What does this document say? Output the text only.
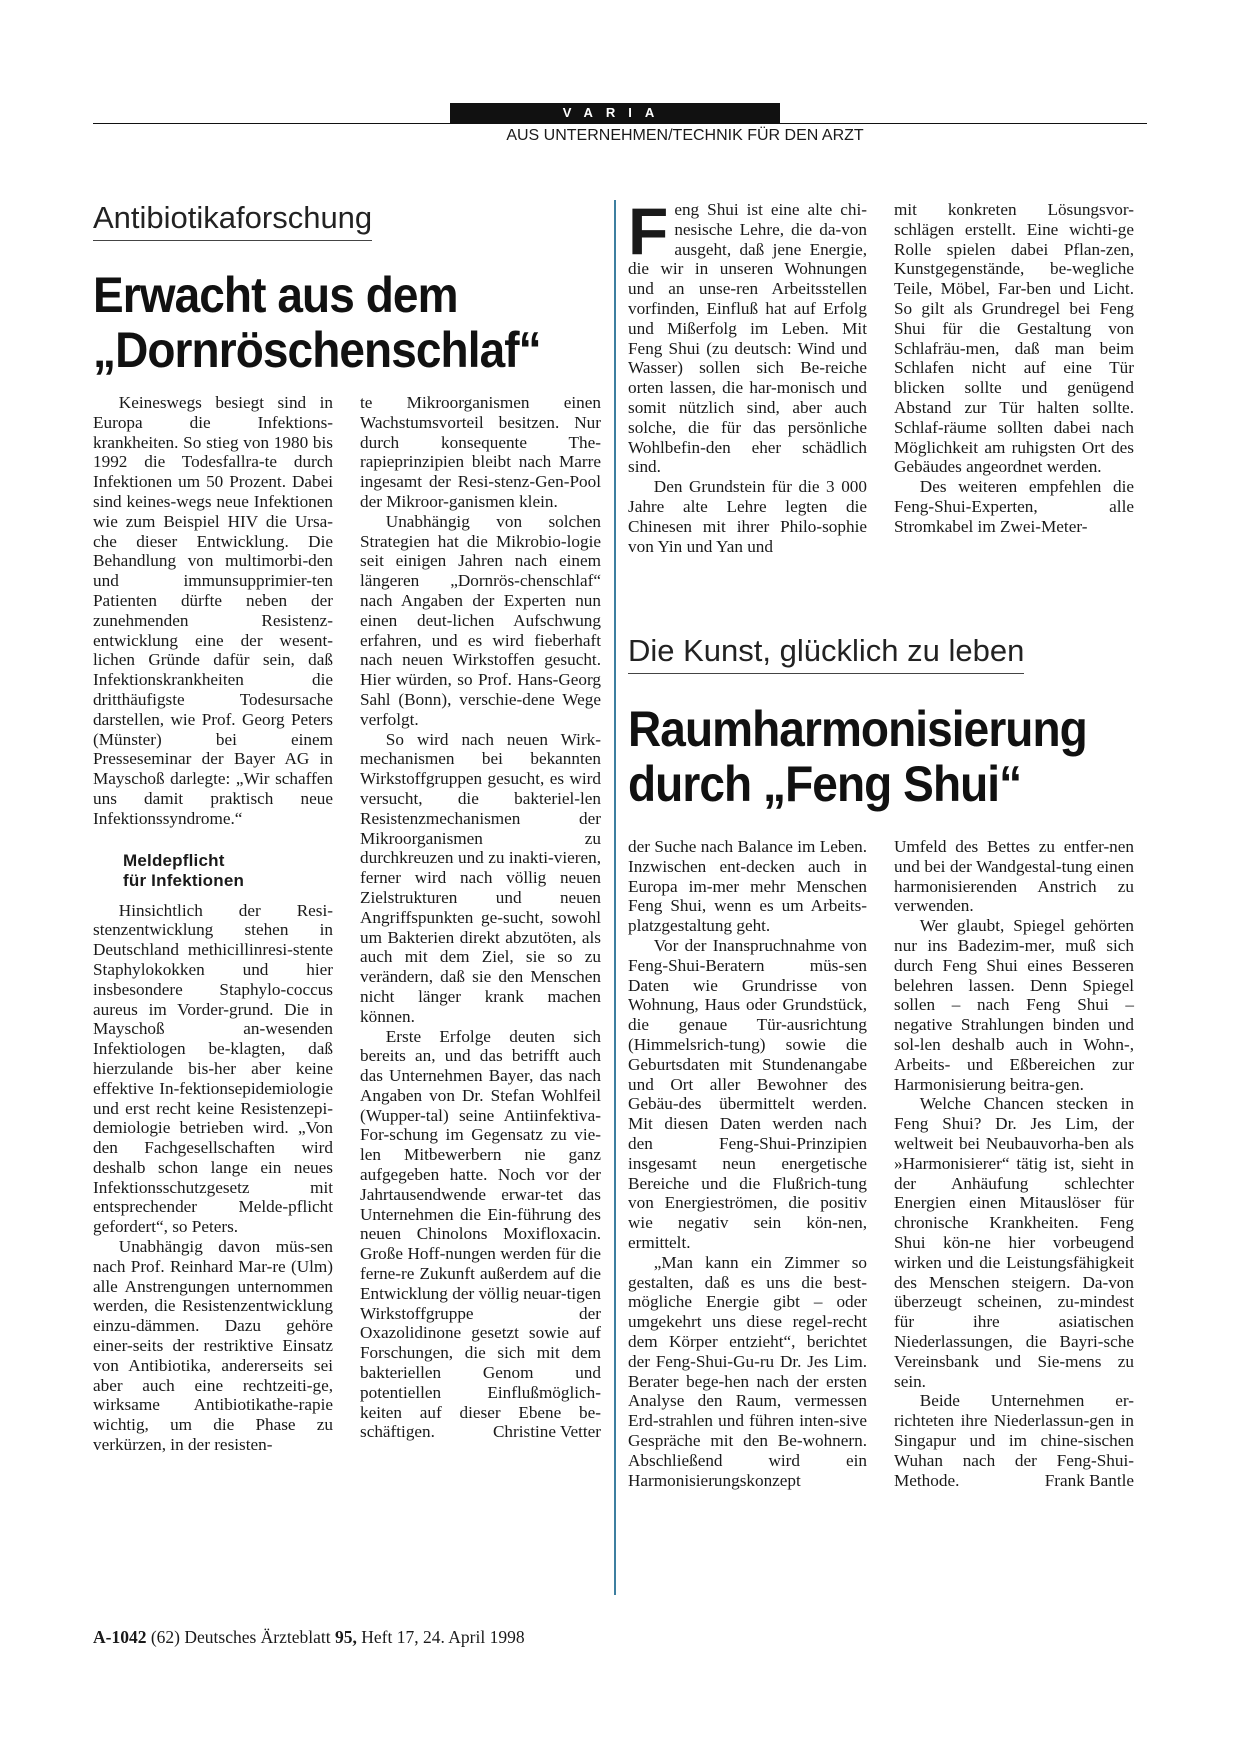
VARIA
AUS UNTERNEHMEN/TECHNIK FÜR DEN ARZT
Antibiotikaforschung
Erwacht aus dem
„Dornröschenschlaf“

Keineswegs besiegt sind in Europa die Infektions-krankheiten. So stieg von 1980 bis 1992 die Todesfallra-te durch Infektionen um 50 Prozent. Dabei sind keines-wegs neue Infektionen wie zum Beispiel HIV die Ursa-che dieser Entwicklung. Die Behandlung von multimorbi-den und immunsupprimier-ten Patienten dürfte neben der zunehmenden Resistenz-entwicklung eine der wesent-lichen Gründe dafür sein, daß Infektionskrankheiten die dritthäufigste Todesursache darstellen, wie Prof. Georg Peters (Münster) bei einem Presseseminar der Bayer AG in Mayschoß darlegte: „Wir schaffen uns damit praktisch neue Infektionssyndrome.“

Meldepflicht
für Infektionen

Hinsichtlich der Resi-stenzentwicklung stehen in Deutschland methicillinresi-stente Staphylokokken und hier insbesondere Staphylo-coccus aureus im Vorder-grund. Die in Mayschoß an-wesenden Infektiologen be-klagten, daß hierzulande bis-her aber keine effektive In-fektionsepidemiologie und erst recht keine Resistenzepi-demiologie betrieben wird. „Von den Fachgesellschaften wird deshalb schon lange ein neues Infektionsschutzgesetz mit entsprechender Melde-pflicht gefordert“, so Peters.

Unabhängig davon müs-sen nach Prof. Reinhard Mar-re (Ulm) alle Anstrengungen unternommen werden, die Resistenzentwicklung einzu-dämmen. Dazu gehöre einer-seits der restriktive Einsatz von Antibiotika, andererseits sei aber auch eine rechtzeiti-ge, wirksame Antibiotikathe-rapie wichtig, um die Phase zu verkürzen, in der resisten-

te Mikroorganismen einen Wachstumsvorteil besitzen. Nur durch konsequente The-rapieprinzipien bleibt nach Marre ingesamt der Resi-stenz-Gen-Pool der Mikroor-ganismen klein.

Unabhängig von solchen Strategien hat die Mikrobio-logie seit einigen Jahren nach einem längeren „Dornrös-chenschlaf“ nach Angaben der Experten nun einen deut-lichen Aufschwung erfahren, und es wird fieberhaft nach neuen Wirkstoffen gesucht. Hier würden, so Prof. Hans-Georg Sahl (Bonn), verschie-dene Wege verfolgt.

So wird nach neuen Wirk-mechanismen bei bekannten Wirkstoffgruppen gesucht, es wird versucht, die bakteriel-len Resistenzmechanismen der Mikroorganismen zu durchkreuzen und zu inakti-vieren, ferner wird nach völlig neuen Zielstrukturen und neuen Angriffspunkten ge-sucht, sowohl um Bakterien direkt abzutöten, als auch mit dem Ziel, sie so zu verändern, daß sie den Menschen nicht länger krank machen können.

Erste Erfolge deuten sich bereits an, und das betrifft auch das Unternehmen Bayer, das nach Angaben von Dr. Stefan Wohlfeil (Wupper-tal) seine Antiinfektiva-For-schung im Gegensatz zu vie-len Mitbewerbern nie ganz aufgegeben hatte. Noch vor der Jahrtausendwende erwar-tet das Unternehmen die Ein-führung des neuen Chinolons Moxifloxacin. Große Hoff-nungen werden für die ferne-re Zukunft außerdem auf die Entwicklung der völlig neuar-tigen Wirkstoffgruppe der Oxazolidinone gesetzt sowie auf Forschungen, die sich mit dem bakteriellen Genom und potentiellen Einflußmöglich-keiten auf dieser Ebene be-schäftigen.	Christine Vetter

Feng Shui ist eine alte chi-nesische Lehre, die da-von ausgeht, daß jene Energie, die wir in unseren Wohnungen und an unse-ren Arbeitsstellen vorfinden, Einfluß hat auf Erfolg und Mißerfolg im Leben. Mit Feng Shui (zu deutsch: Wind und Wasser) sollen sich Be-reiche orten lassen, die har-monisch und somit nützlich sind, aber auch solche, die für das persönliche Wohlbefin-den eher schädlich sind.

Den Grundstein für die 3 000 Jahre alte Lehre legten die Chinesen mit ihrer Philo-sophie von Yin und Yan und

mit konkreten Lösungsvor-schlägen erstellt. Eine wichti-ge Rolle spielen dabei Pflan-zen, Kunstgegenstände, be-wegliche Teile, Möbel, Far-ben und Licht. So gilt als Grundregel bei Feng Shui für die Gestaltung von Schlafräu-men, daß man beim Schlafen nicht auf eine Tür blicken sollte und genügend Abstand zur Tür halten sollte. Schlaf-räume sollten dabei nach Möglichkeit am ruhigsten Ort des Gebäudes angeordnet werden.

Des weiteren empfehlen die Feng-Shui-Experten, alle Stromkabel im Zwei-Meter-

Die Kunst, glücklich zu leben
Raumharmonisierung
durch „Feng Shui“

der Suche nach Balance im Leben. Inzwischen ent-decken auch in Europa im-mer mehr Menschen Feng Shui, wenn es um Arbeits-platzgestaltung geht.

Vor der Inanspruchnahme von Feng-Shui-Beratern müs-sen Daten wie Grundrisse von Wohnung, Haus oder Grundstück, die genaue Tür-ausrichtung (Himmelsrich-tung) sowie die Geburtsdaten mit Stundenangabe und Ort aller Bewohner des Gebäu-des übermittelt werden. Mit diesen Daten werden nach den Feng-Shui-Prinzipien insgesamt neun energetische Bereiche und die Flußrich-tung von Energieströmen, die positiv wie negativ sein kön-nen, ermittelt.

„Man kann ein Zimmer so gestalten, daß es uns die best-mögliche Energie gibt – oder umgekehrt uns diese regel-recht dem Körper entzieht“, berichtet der Feng-Shui-Gu-ru Dr. Jes Lim. Berater bege-hen nach der ersten Analyse den Raum, vermessen Erd-strahlen und führen inten-sive Gespräche mit den Be-wohnern. Abschließend wird ein Harmonisierungskonzept

Umfeld des Bettes zu entfer-nen und bei der Wandgestal-tung einen harmonisierenden Anstrich zu verwenden.

Wer glaubt, Spiegel gehörten nur ins Badezim-mer, muß sich durch Feng Shui eines Besseren belehren lassen. Denn Spiegel sollen – nach Feng Shui – negative Strahlungen binden und sol-len deshalb auch in Wohn-, Arbeits- und Eßbereichen zur Harmonisierung beitra-gen.

Welche Chancen stecken in Feng Shui? Dr. Jes Lim, der weltweit bei Neubauvorha-ben als »Harmonisierer“ tätig ist, sieht in der Anhäufung schlechter Energien einen Mitauslöser für chronische Krankheiten. Feng Shui kön-ne hier vorbeugend wirken und die Leistungsfähigkeit des Menschen steigern. Da-von überzeugt scheinen, zu-mindest für ihre asiatischen Niederlassungen, die Bayri-sche Vereinsbank und Sie-mens zu sein.

Beide Unternehmen er-richteten ihre Niederlassun-gen in Singapur und im chine-sischen Wuhan nach der Feng-Shui-Methode.	Frank Bantle

A-1042 (62) Deutsches Ärzteblatt 95, Heft 17, 24. April 1998
